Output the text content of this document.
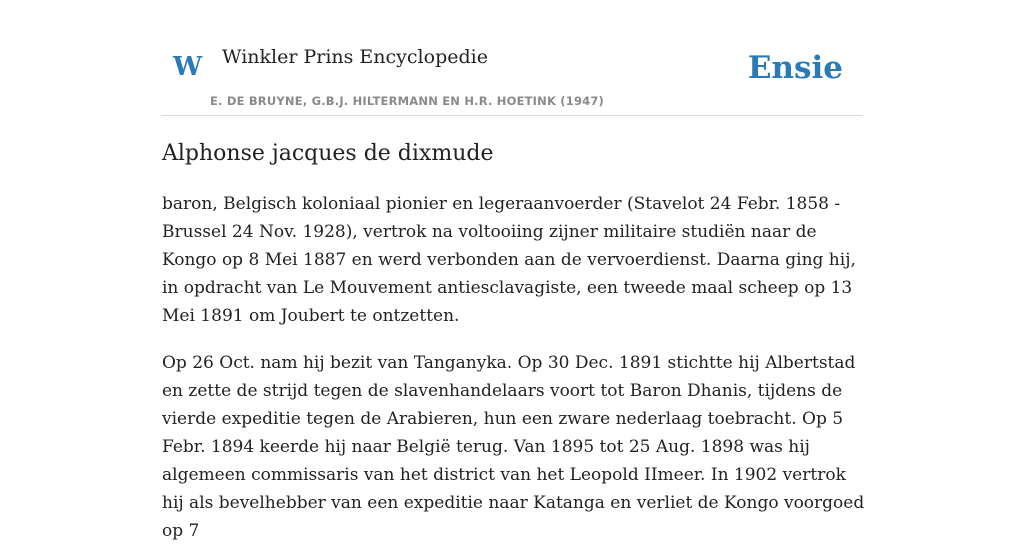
W Winkler Prins Encyclopedie
E. DE BRUYNE, G.B.J. HILTERMANN EN H.R. HOETINK (1947)
Ensie
Alphonse jacques de dixmude

baron, Belgisch koloniaal pionier en legeraanvoerder (Stavelot 24 Febr. 1858 - Brussel 24 Nov. 1928), vertrok na voltooiing zijner militaire studiën naar de Kongo op 8 Mei 1887 en werd verbonden aan de vervoerdienst. Daarna ging hij, in opdracht van Le Mouvement antiesclavagiste, een tweede maal scheep op 13 Mei 1891 om Joubert te ontzetten.

Op 26 Oct. nam hij bezit van Tanganyka. Op 30 Dec. 1891 stichtte hij Albertstad en zette de strijd tegen de slavenhandelaars voort tot Baron Dhanis, tijdens de vierde expeditie tegen de Arabieren, hun een zware nederlaag toebracht. Op 5 Febr. 1894 keerde hij naar België terug. Van 1895 tot 25 Aug. 1898 was hij algemeen commissaris van het district van het Leopold IImeer. In 1902 vertrok hij als bevelhebber van een expeditie naar Katanga en verliet de Kongo voorgoed op 7
